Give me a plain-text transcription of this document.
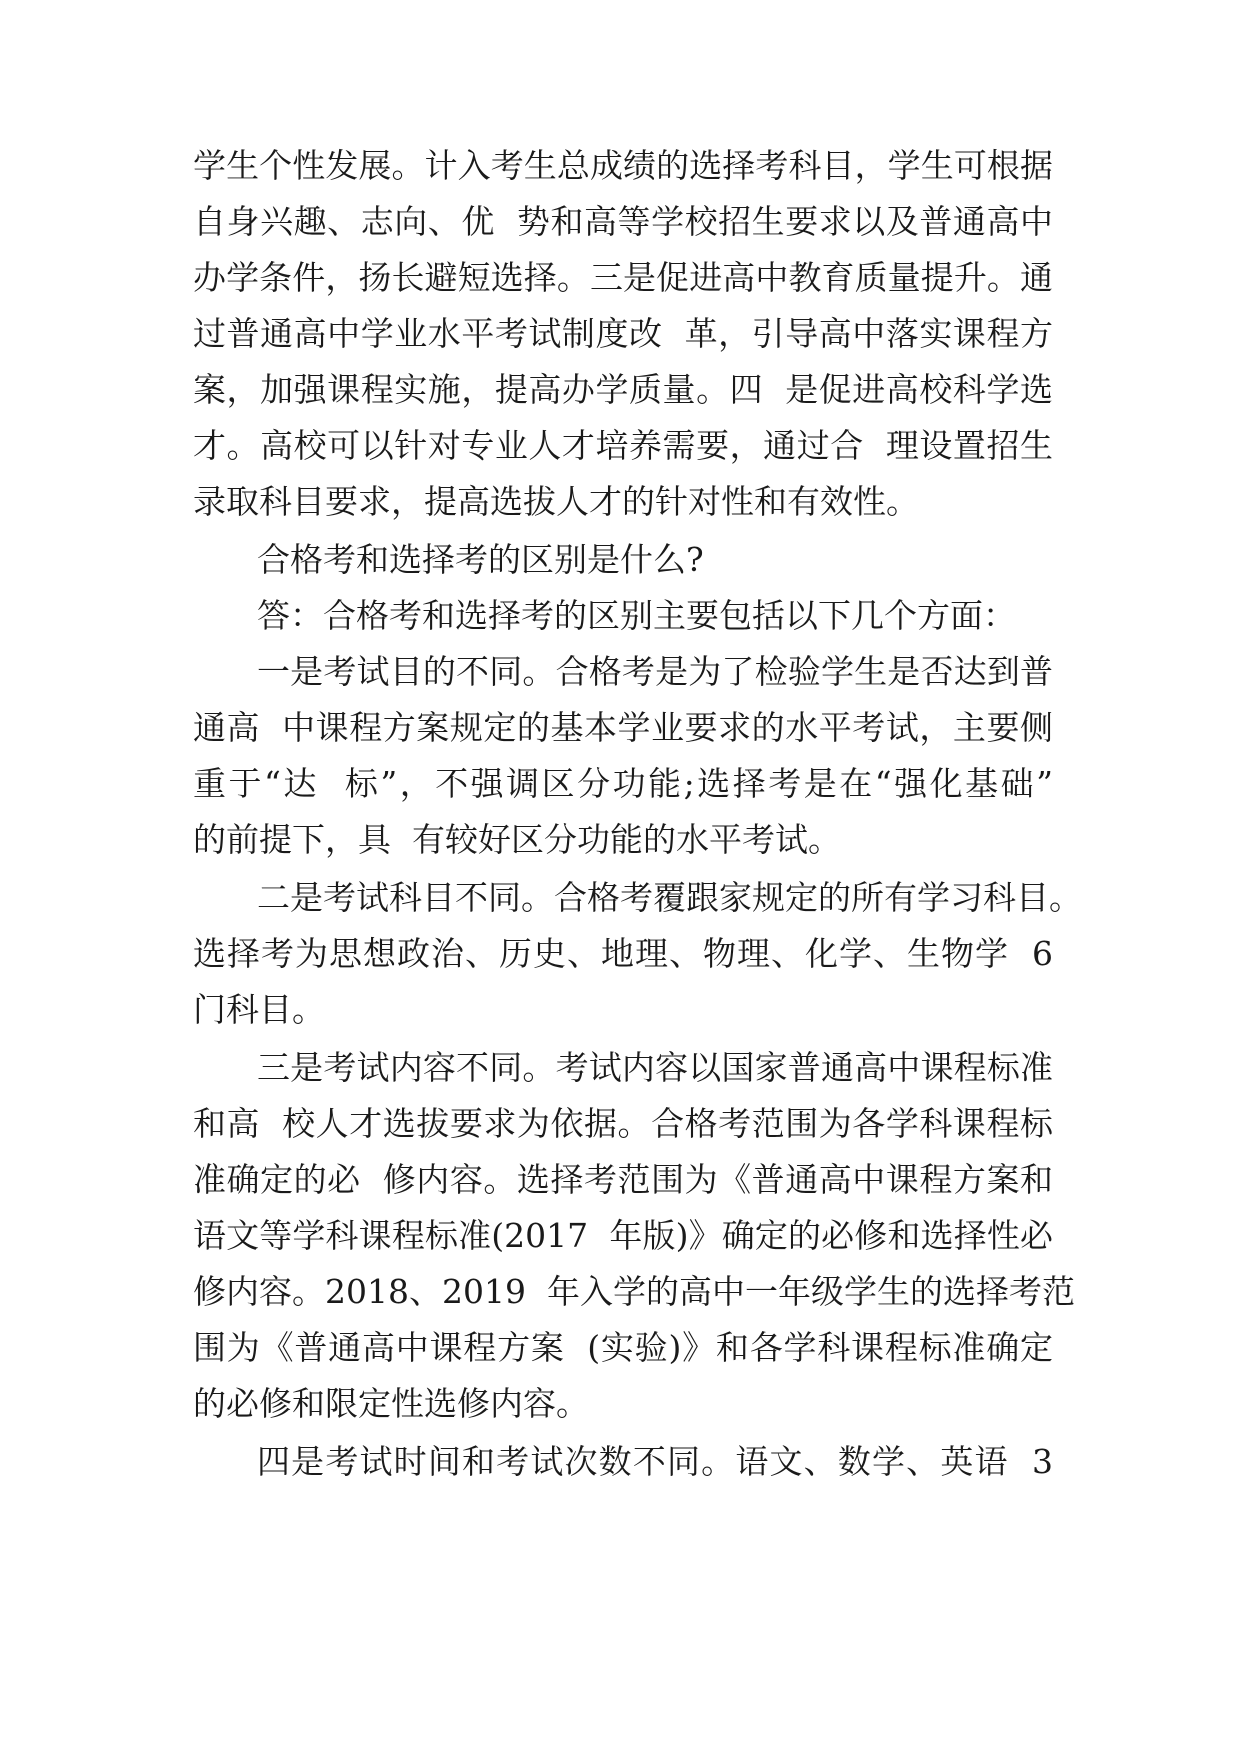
学生个性发展。计入考生总成绩的选择考科目，学生可根据
自身兴趣、志向、优  势和高等学校招生要求以及普通高中
办学条件，扬长避短选择。三是促进高中教育质量提升。通
过普通高中学业水平考试制度改  革，引导高中落实课程方
案，加强课程实施，提高办学质量。四  是促进高校科学选
才。高校可以针对专业人才培养需要，通过合  理设置招生
录取科目要求，提高选拔人才的针对性和有效性。
合格考和选择考的区别是什么?
答：合格考和选择考的区别主要包括以下几个方面：
一是考试目的不同。合格考是为了检验学生是否达到普
通高  中课程方案规定的基本学业要求的水平考试，主要侧
重于“达  标”，不强调区分功能;选择考是在“强化基础”
的前提下，具  有较好区分功能的水平考试。
二是考试科目不同。合格考覆跟家规定的所有学习科目。
选择考为思想政治、历史、地理、物理、化学、生物学  6
门科目。
三是考试内容不同。考试内容以国家普通高中课程标准
和高  校人才选拔要求为依据。合格考范围为各学科课程标
准确定的必  修内容。选择考范围为《普通高中课程方案和
语文等学科课程标准(2017  年版)》确定的必修和选择性必
修内容。2018、2019  年入学的高中一年级学生的选择考范
围为《普通高中课程方案  (实验)》和各学科课程标准确定
的必修和限定性选修内容。
四是考试时间和考试次数不同。语文、数学、英语  3
